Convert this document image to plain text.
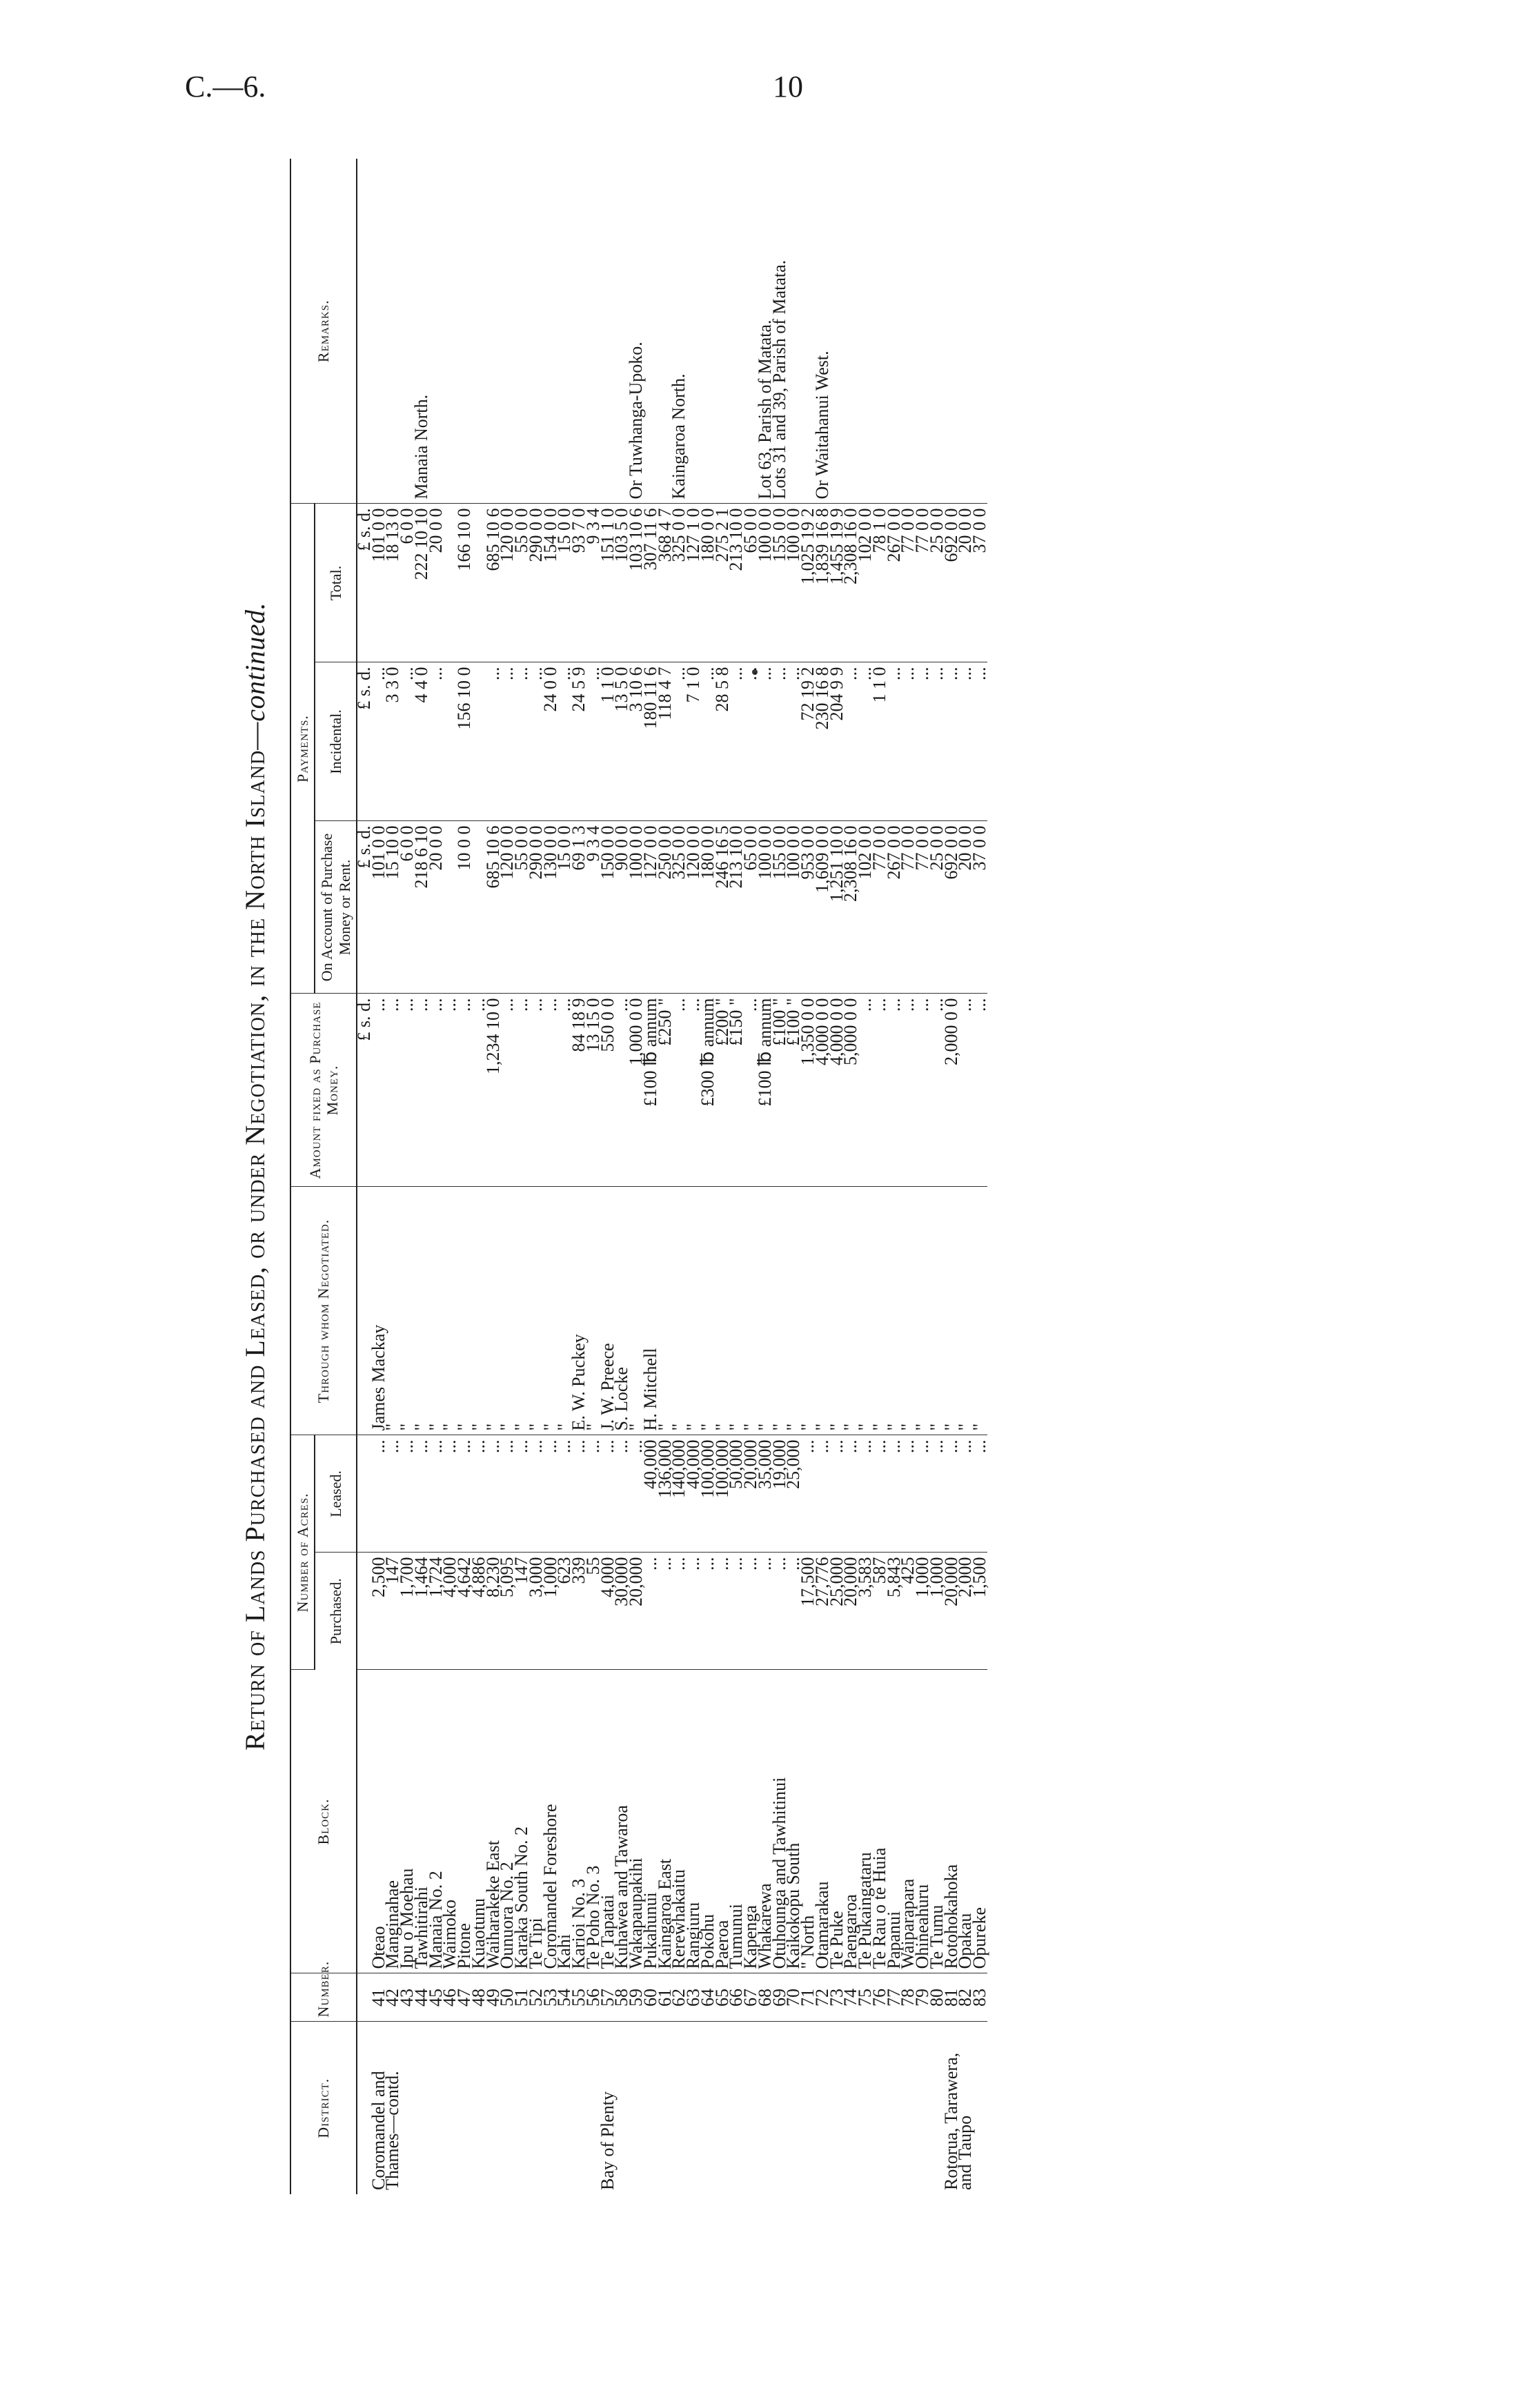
C.—6.	10
Return of Lands Purchased and Leased, or under Negotiation, in the North Island—continued.
District.	Number.	Block.	Number of Acres.		Through whom Negotiated.	Amount fixed as Purchase Money.	Payments.			Remarks.
			Purchased.	Leased.			On Account of Purchase Money or Rent.	Incidental.	Total.	
						£ s. d.	£ s. d.	£ s. d.	£ s. d.	
Coromandel and	41	Oteao	2,500	...	James Mackay	...	101 0 0	...	101 0 0	
Thames—contd.	42	Manginahae	147	...	"	...	15 10 0	3 3 0	18 13 0	
	43	Ipu o Moehau	1,700	...	"	...	6 0 0	...	6 0 0	
	44	Tawhitirahi	1,464	...	"	...	218 6 10	4 4 0	222 10 10	Manaia North.
	45	Manaia No. 2	1,724	...	"	...	20 0 0	...	20 0 0	
	46	Waimoko	4,000	...	"	...				
	47	Pitone	4,642	...	"	...	10 0 0	156 10 0	166 10 0	
	48	Kuaotunu	4,886	...	"	...				
	49	Waiharakeke East	8,230	...	"	1,234 10 0	685 10 6	...	685 10 6	
	50	Ounuora No. 2	5,095	...	"	...	120 0 0	...	120 0 0	
	51	Karaka South No. 2	147	...	"	...	55 0 0	...	55 0 0	
	52	Te Tipi	3,000	...	"	...	290 0 0	...	290 0 0	
	53	Coromandel Foreshore	1,000	...	"	...	130 0 0	24 0 0	154 0 0	
	54	Kahi	623	...	"	...	15 0 0	...	15 0 0	
	55	Karioi No. 3	339	...	E. W. Puckey	84 18 9	69 1 3	24 5 9	93 7 0	
	56	Te Poho No. 3	55	...	"	13 15 0	9 3 4	...	9 3 4	
Bay of Plenty	57	Te Tapatai	4,000	...	J. W. Preece	550 0 0	150 0 0	1 1 0	151 1 0	
	58	Kuhawea and Tawaroa	30,000	...	S. Locke	...	90 0 0	13 5 0	103 5 0	
	59	Wakapaupakihi	20,000	...	"	1,000 0 0	100 0 0	3 10 6	103 10 6	Or Tuwhanga-Upoko.
	60	Pukahunui	...	40,000	H. Mitchell	£100 ℔ annum	127 0 0	180 11 6	307 11 6	
	61	Kaingaroa East	...	136,000	"	£250 "	250 0 0	118 4 7	368 4 7	
	62	Rerewhakaitu	...	140,000	"	...	325 0 0	...	325 0 0	Kaingaroa North.
	63	Rangiuru	...	40,000	"	...	120 0 0	7 1 0	127 1 0	
	64	Pokohu	...	100,000	"	£300 ℔ annum	180 0 0	...	180 0 0	
	65	Paeroa	...	100,000	"	£200 "	246 16 5	28 5 8	275 2 1	
	66	Tumunui	...	50,000	"	£150 "	213 10 0	...	213 10 0	
	67	Kapenga	...	20,000	"	...	65 0 0	...	65 0 0	
	68	Whakarewa	...	35,000	"	£100 ℔ annum	100 0 0	...	100 0 0	Lot 63, Parish of Matata.
	69	Otuhounga and Tawhitinui	...	19,000	"	£100 "	155 0 0	...	155 0 0	Lots 31 and 39, Parish of Matata.
	70	Kaikokopu South	...	25,000	"	£100 "	100 0 0	...	100 0 0	
	71	" North	17,500	...	"	1,350 0 0	953 0 0	72 19 2	1,025 19 2	
	72	Otamarakau	27,776	...	"	4,000 0 0	1,609 0 0	230 16 8	1,839 16 8	Or Waitahanui West.
	73	Te Puke	25,000	...	"	4,000 0 0	1,251 10 0	204 9 9	1,455 19 9	
	74	Paengaroa	20,000	...	"	5,000 0 0	2,308 16 0	...	2,308 16 0	
	75	Te Pukaingataru	3,583	...	"	...	102 0 0	...	102 0 0	
	76	Te Rau o te Huia	587	...	"	...	77 0 0	1 1 0	78 1 0	
	77	Papanui	5,843	...	"	...	267 0 0	...	267 0 0	
	78	Waiparapara	425	...	"	...	77 0 0	...	77 0 0	
	79	Ohineahuru	1,000	...	"	...	77 0 0	...	77 0 0	
	80	Te Tumu	1,000	...	"	...	25 0 0	...	25 0 0	
Rotorua, Tarawera,	81	Rotohokahoka	20,000	...	"	2,000 0 0	692 0 0	...	692 0 0	
and Taupo	82	Opakau	2,000	...	"	...	20 0 0	...	20 0 0	
	83	Opureke	1,500	...	"	...	37 0 0	...	37 0 0	
